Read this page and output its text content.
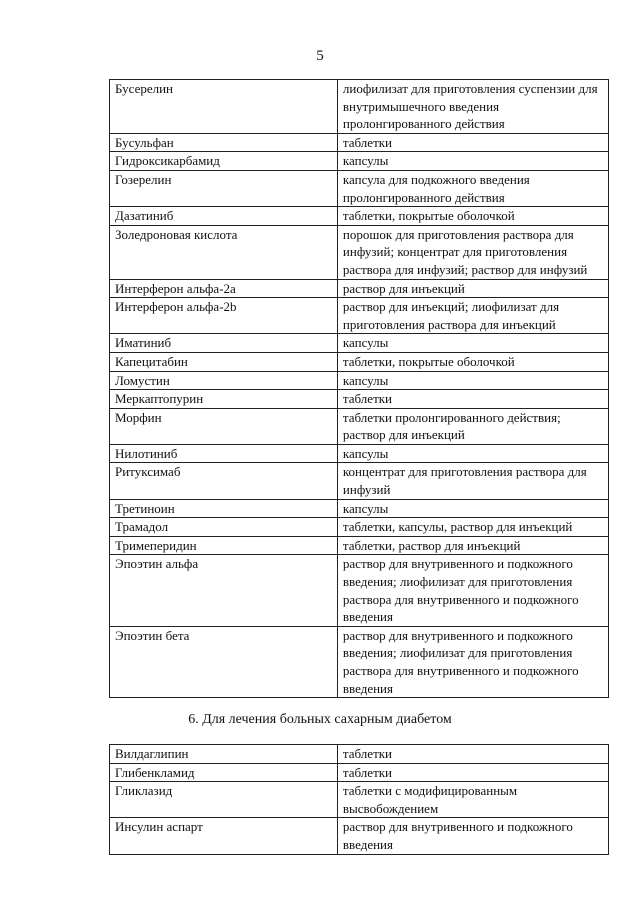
5
Бусерелин	лиофилизат для приготовления суспензии для внутримышечного введения пролонгированного действия
Бусульфан	таблетки
Гидроксикарбамид	капсулы
Гозерелин	капсула для подкожного введения пролонгированного действия
Дазатиниб	таблетки, покрытые оболочкой
Золедроновая кислота	порошок для приготовления раствора для инфузий; концентрат для приготовления раствора для инфузий; раствор для инфузий
Интерферон альфа-2а	раствор для инъекций
Интерферон альфа-2b	раствор для инъекций; лиофилизат для приготовления раствора для инъекций
Иматиниб	капсулы
Капецитабин	таблетки, покрытые оболочкой
Ломустин	капсулы
Меркаптопурин	таблетки
Морфин	таблетки пролонгированного действия; раствор для инъекций
Нилотиниб	капсулы
Ритуксимаб	концентрат для приготовления раствора для инфузий
Третиноин	капсулы
Трамадол	таблетки, капсулы, раствор для инъекций
Тримеперидин	таблетки, раствор для инъекций
Эпоэтин альфа	раствор для внутривенного и подкожного введения; лиофилизат для приготовления раствора для внутривенного и подкожного введения
Эпоэтин бета	раствор для внутривенного и подкожного введения; лиофилизат для приготовления раствора для внутривенного и подкожного введения
6. Для лечения больных сахарным диабетом
Вилдаглипин	таблетки
Глибенкламид	таблетки
Гликлазид	таблетки с модифицированным высвобождением
Инсулин аспарт	раствор для внутривенного и подкожного введения
